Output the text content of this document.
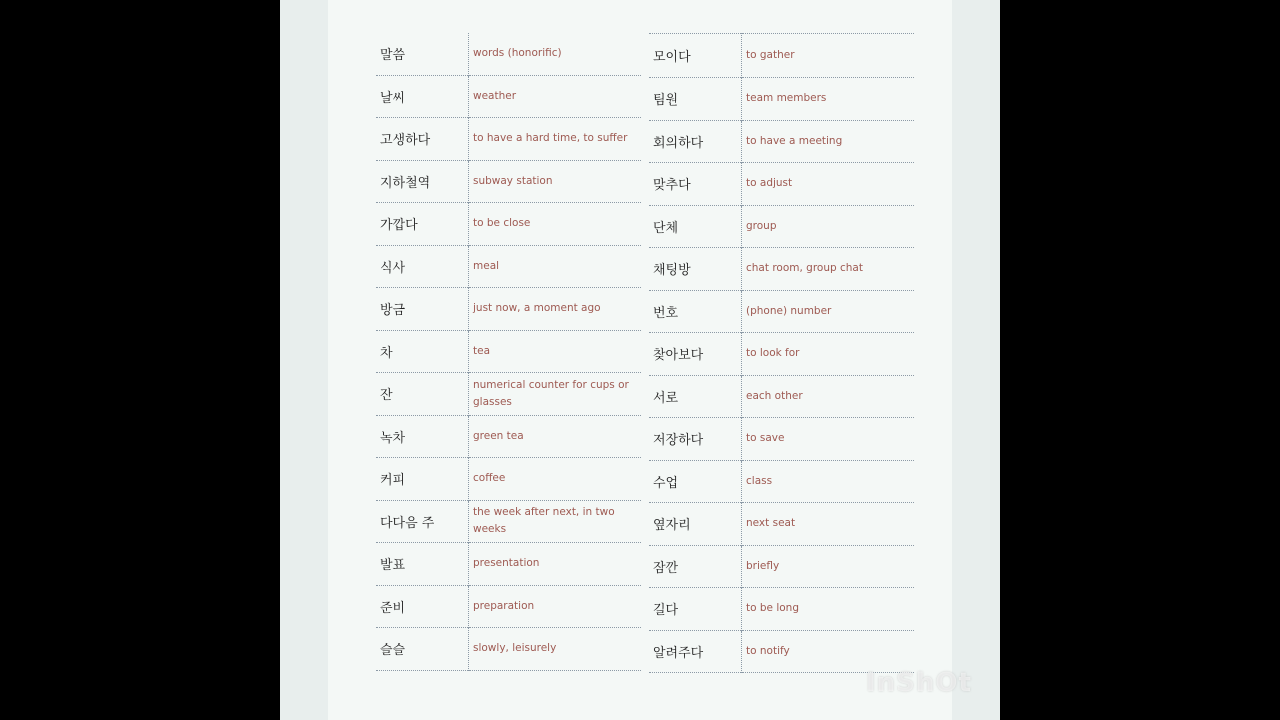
말씀	words (honorific)
날씨	weather
고생하다	to have a hard time, to suffer
지하철역	subway station
가깝다	to be close
식사	meal
방금	just now, a moment ago
차	tea
잔	numerical counter for cups or glasses
녹차	green tea
커피	coffee
다다음 주	the week after next, in two weeks
발표	presentation
준비	preparation
슬슬	slowly, leisurely
모이다	to gather
팀원	team members
회의하다	to have a meeting
맞추다	to adjust
단체	group
채팅방	chat room, group chat
번호	(phone) number
찾아보다	to look for
서로	each other
저장하다	to save
수업	class
옆자리	next seat
잠깐	briefly
길다	to be long
알려주다	to notify
InShOt
